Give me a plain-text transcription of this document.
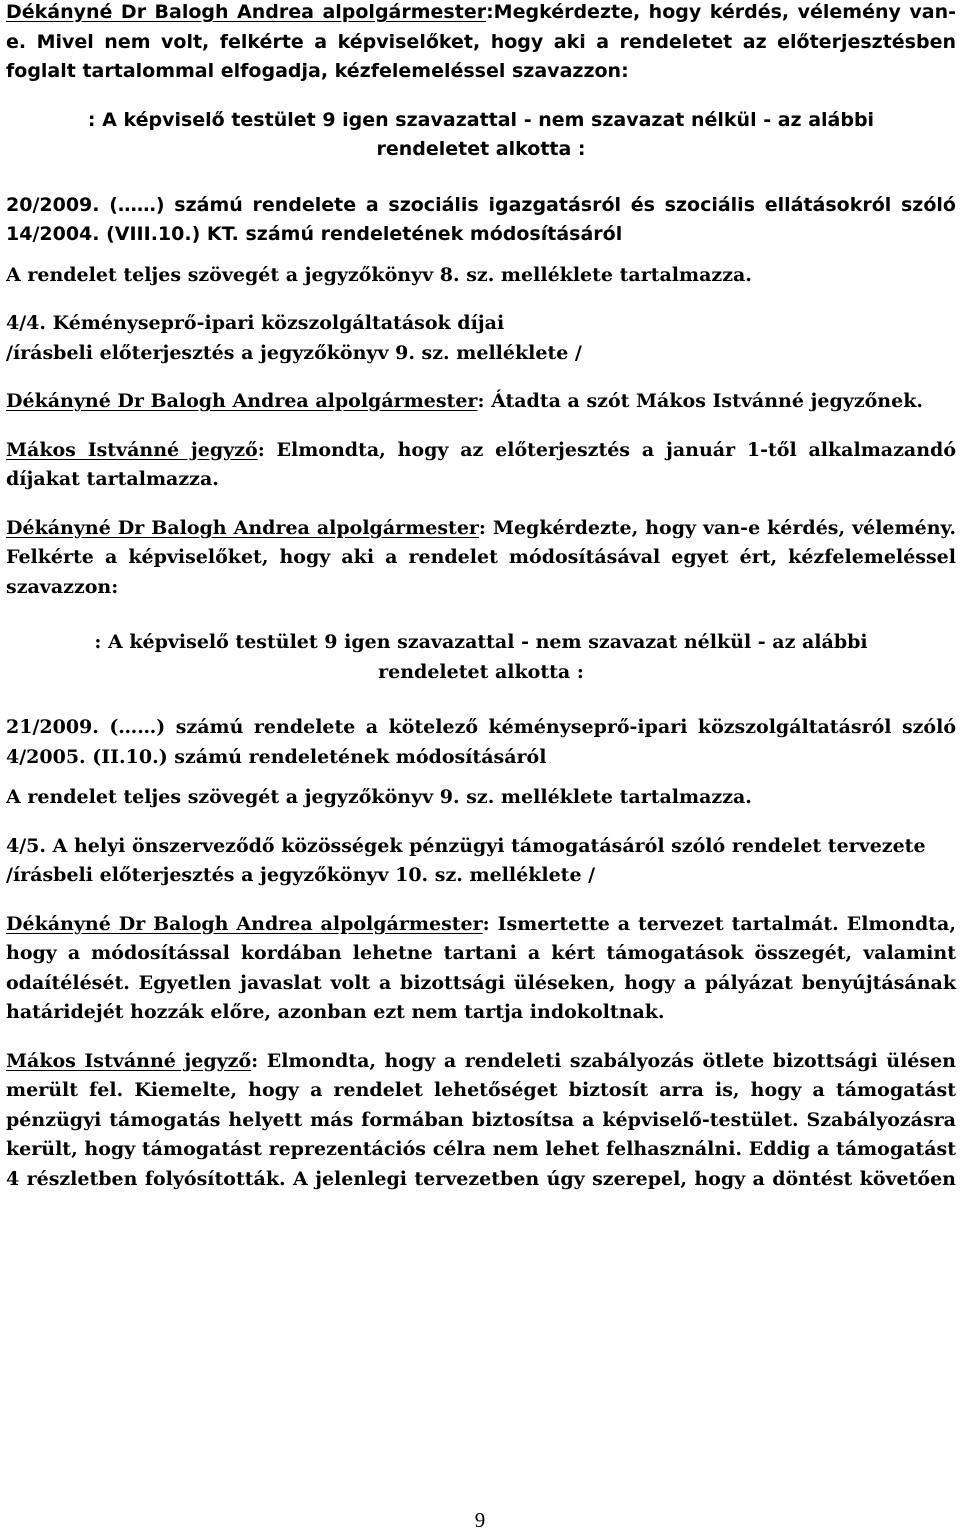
Dékányné Dr Balogh Andrea alpolgármester:Megkérdezte, hogy kérdés, vélemény van-e. Mivel nem volt, felkérte a képviselőket, hogy aki a rendeletet az előterjesztésben foglalt tartalommal elfogadja, kézfelemeléssel szavazzon:

: A képviselő testület 9 igen szavazattal - nem szavazat nélkül - az alábbi
rendeletet alkotta :

20/2009. (……) számú rendelete a szociális igazgatásról és szociális ellátásokról szóló 14/2004. (VIII.10.) KT. számú rendeletének módosításáról

A rendelet teljes szövegét a jegyzőkönyv 8. sz. melléklete tartalmazza.

4/4. Kéményseprő-ipari közszolgáltatások díjai

/írásbeli előterjesztés a jegyzőkönyv 9. sz. melléklete /

Dékányné Dr Balogh Andrea alpolgármester: Átadta a szót Mákos Istvánné jegyzőnek.

Mákos Istvánné jegyző: Elmondta, hogy az előterjesztés a január 1-től alkalmazandó díjakat tartalmazza.

Dékányné Dr Balogh Andrea alpolgármester: Megkérdezte, hogy van-e kérdés, vélemény. Felkérte a képviselőket, hogy aki a rendelet módosításával egyet ért, kézfelemeléssel szavazzon:

: A képviselő testület 9 igen szavazattal - nem szavazat nélkül - az alábbi
rendeletet alkotta :

21/2009. (……) számú rendelete a kötelező kéményseprő-ipari közszolgáltatásról szóló 4/2005. (II.10.) számú rendeletének módosításáról

A rendelet teljes szövegét a jegyzőkönyv 9. sz. melléklete tartalmazza.

4/5. A helyi önszerveződő közösségek pénzügyi támogatásáról szóló rendelet tervezete

/írásbeli előterjesztés a jegyzőkönyv 10. sz. melléklete /

Dékányné Dr Balogh Andrea alpolgármester: Ismertette a tervezet tartalmát. Elmondta, hogy a módosítással kordában lehetne tartani a kért támogatások összegét, valamint odaítélését. Egyetlen javaslat volt a bizottsági üléseken, hogy a pályázat benyújtásának határidejét hozzák előre, azonban ezt nem tartja indokoltnak.

Mákos Istvánné jegyző: Elmondta, hogy a rendeleti szabályozás ötlete bizottsági ülésen merült fel. Kiemelte, hogy a rendelet lehetőséget biztosít arra is, hogy a támogatást pénzügyi támogatás helyett más formában biztosítsa a képviselő-testület. Szabályozásra került, hogy támogatást reprezentációs célra nem lehet felhasználni. Eddig a támogatást 4 részletben folyósították. A jelenlegi tervezetben úgy szerepel, hogy a döntést követően

9
